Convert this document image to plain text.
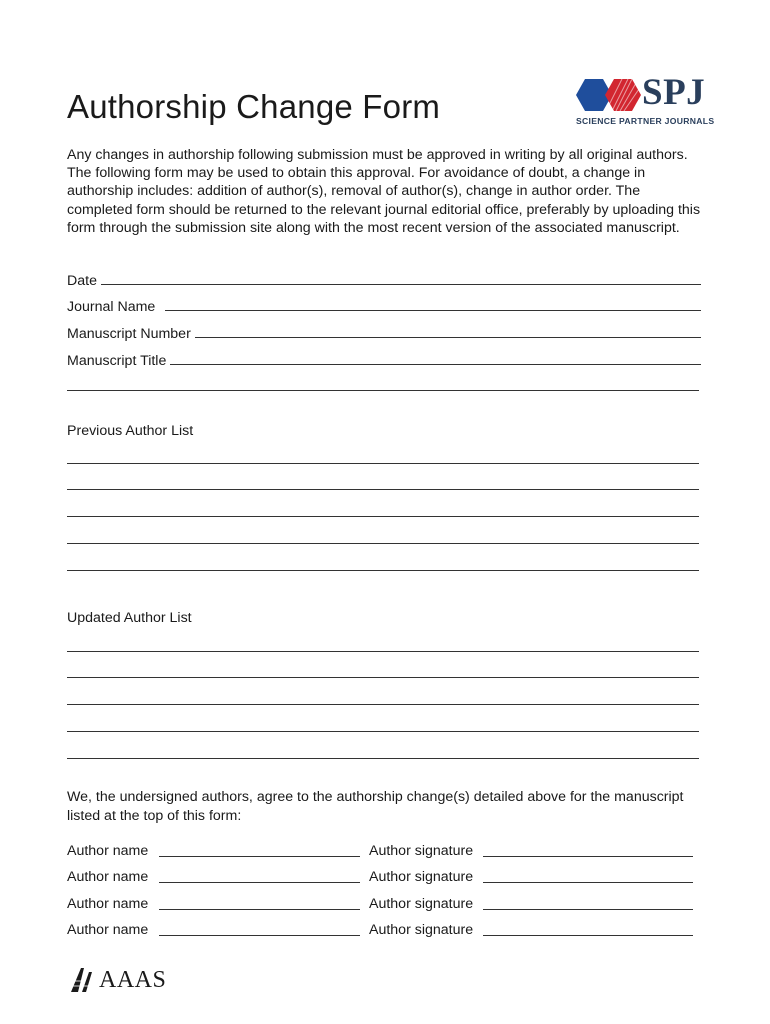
Authorship Change Form	SPJ
SCIENCE PARTNER JOURNALS

Any changes in authorship following submission must be approved in writing by all original authors. The following form may be used to obtain this approval. For avoidance of doubt, a change in authorship includes: addition of author(s), removal of author(s), change in author order. The completed form should be returned to the relevant journal editorial office, preferably by uploading this form through the submission site along with the most recent version of the associated manuscript.

Date
Journal Name
Manuscript Number
Manuscript Title
Previous Author List
Updated Author List

We, the undersigned authors, agree to the authorship change(s) detailed above for the manuscript listed at the top of this form:

Author name	Author signature
Author name	Author signature
Author name	Author signature
Author name	Author signature
AAAS
